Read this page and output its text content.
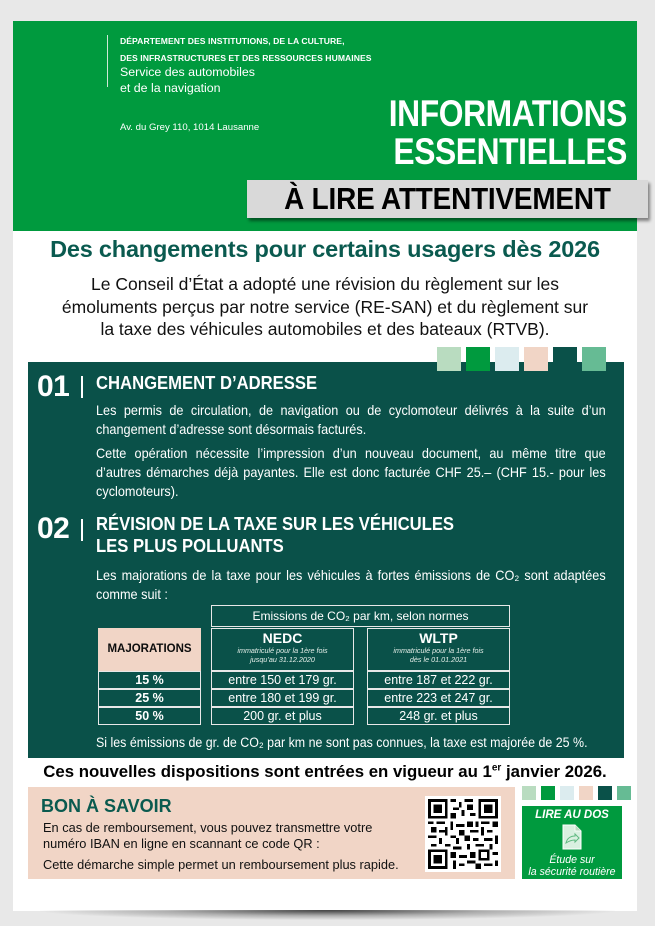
DÉPARTEMENT DES INSTITUTIONS, DE LA CULTURE,
DES INFRASTRUCTURES ET DES RESSOURCES HUMAINES
Service des automobiles
et de la navigation
Av. du Grey 110, 1014 Lausanne	INFORMATIONS
ESSENTIELLES
À LIRE ATTENTIVEMENT
Des changements pour certains usagers dès 2026
Le Conseil d’État a adopté une révision du règlement sur les
émoluments perçus par notre service (RE-SAN) et du règlement sur
la taxe des véhicules automobiles et des bateaux (RTVB).
01 CHANGEMENT D’ADRESSE
Les permis de circulation, de navigation ou de cyclomoteur délivrés à la suite d’un changement d’adresse sont désormais facturés.
Cette opération nécessite l’impression d’un nouveau document, au même titre que d’autres démarches déjà payantes. Elle est donc facturée CHF 25.– (CHF 15.- pour les cyclomoteurs).
02 RÉVISION DE LA TAXE SUR LES VÉHICULES
LES PLUS POLLUANTS
Les majorations de la taxe pour les véhicules à fortes émissions de CO₂ sont adaptées comme suit :
Emissions de CO₂ par km, selon normes
MAJORATIONS
NEDC
immatriculé pour la 1ère fois
jusqu’au 31.12.2020
WLTP
immatriculé pour la 1ère fois
dès le 01.01.2021
15 %	entre 150 et 179 gr.	entre 187 et 222 gr.
25 %	entre 180 et 199 gr.	entre 223 et 247 gr.
50 %	200 gr. et plus	248 gr. et plus
Si les émissions de gr. de CO₂ par km ne sont pas connues, la taxe est majorée de 25 %.
Ces nouvelles dispositions sont entrées en vigueur au 1er janvier 2026.
BON À SAVOIR
En cas de remboursement, vous pouvez transmettre votre
numéro IBAN en ligne en scannant ce code QR :
Cette démarche simple permet un remboursement plus rapide.
LIRE AU DOS
Étude sur
la sécurité routière
